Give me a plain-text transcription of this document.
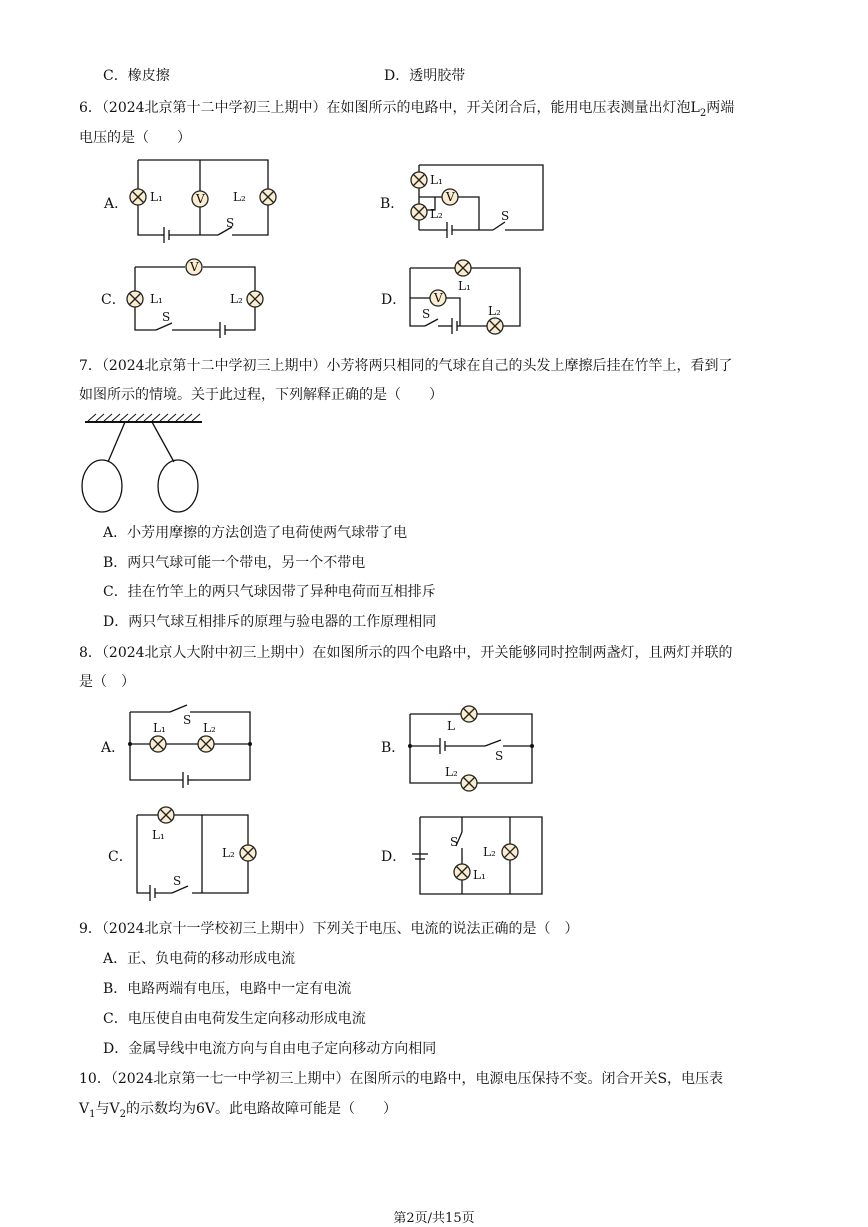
C．橡皮擦	D．透明胶带
6．（2024北京第十二中学初三上期中）在如图所示的电路中，开关闭合后，能用电压表测量出灯泡$L_2$两端
电压的是（　　）
A．	B．
C．	D．
V
L₁	L₂
S
V
L₁
L₂	S
V
L₁	L₂
S
V
L₁
L₂
S
7．（2024北京第十二中学初三上期中）小芳将两只相同的气球在自己的头发上摩擦后挂在竹竿上，看到了
如图所示的情境。关于此过程，下列解释正确的是（　　）
A．小芳用摩擦的方法创造了电荷使两气球带了电
B．两只气球可能一个带电，另一个不带电
C．挂在竹竿上的两只气球因带了异种电荷而互相排斥
D．两只气球互相排斥的原理与验电器的工作原理相同
8．（2024北京人大附中初三上期中）在如图所示的四个电路中，开关能够同时控制两盏灯，且两灯并联的
是（　）
A．	B．
C．	D．
L₁	L₂
S	L
L₂
S
L₁
L₂
S
S
L₁
L₂
9．（2024北京十一学校初三上期中）下列关于电压、电流的说法正确的是（　）
A．正、负电荷的移动形成电流
B．电路两端有电压，电路中一定有电流
C．电压使自由电荷发生定向移动形成电流
D．金属导线中电流方向与自由电子定向移动方向相同
10．（2024北京第一七一中学初三上期中）在图所示的电路中，电源电压保持不变。闭合开关S，电压表
$V_1$与$V_2$的示数均为6V。此电路故障可能是（　　）
第2页/共15页
